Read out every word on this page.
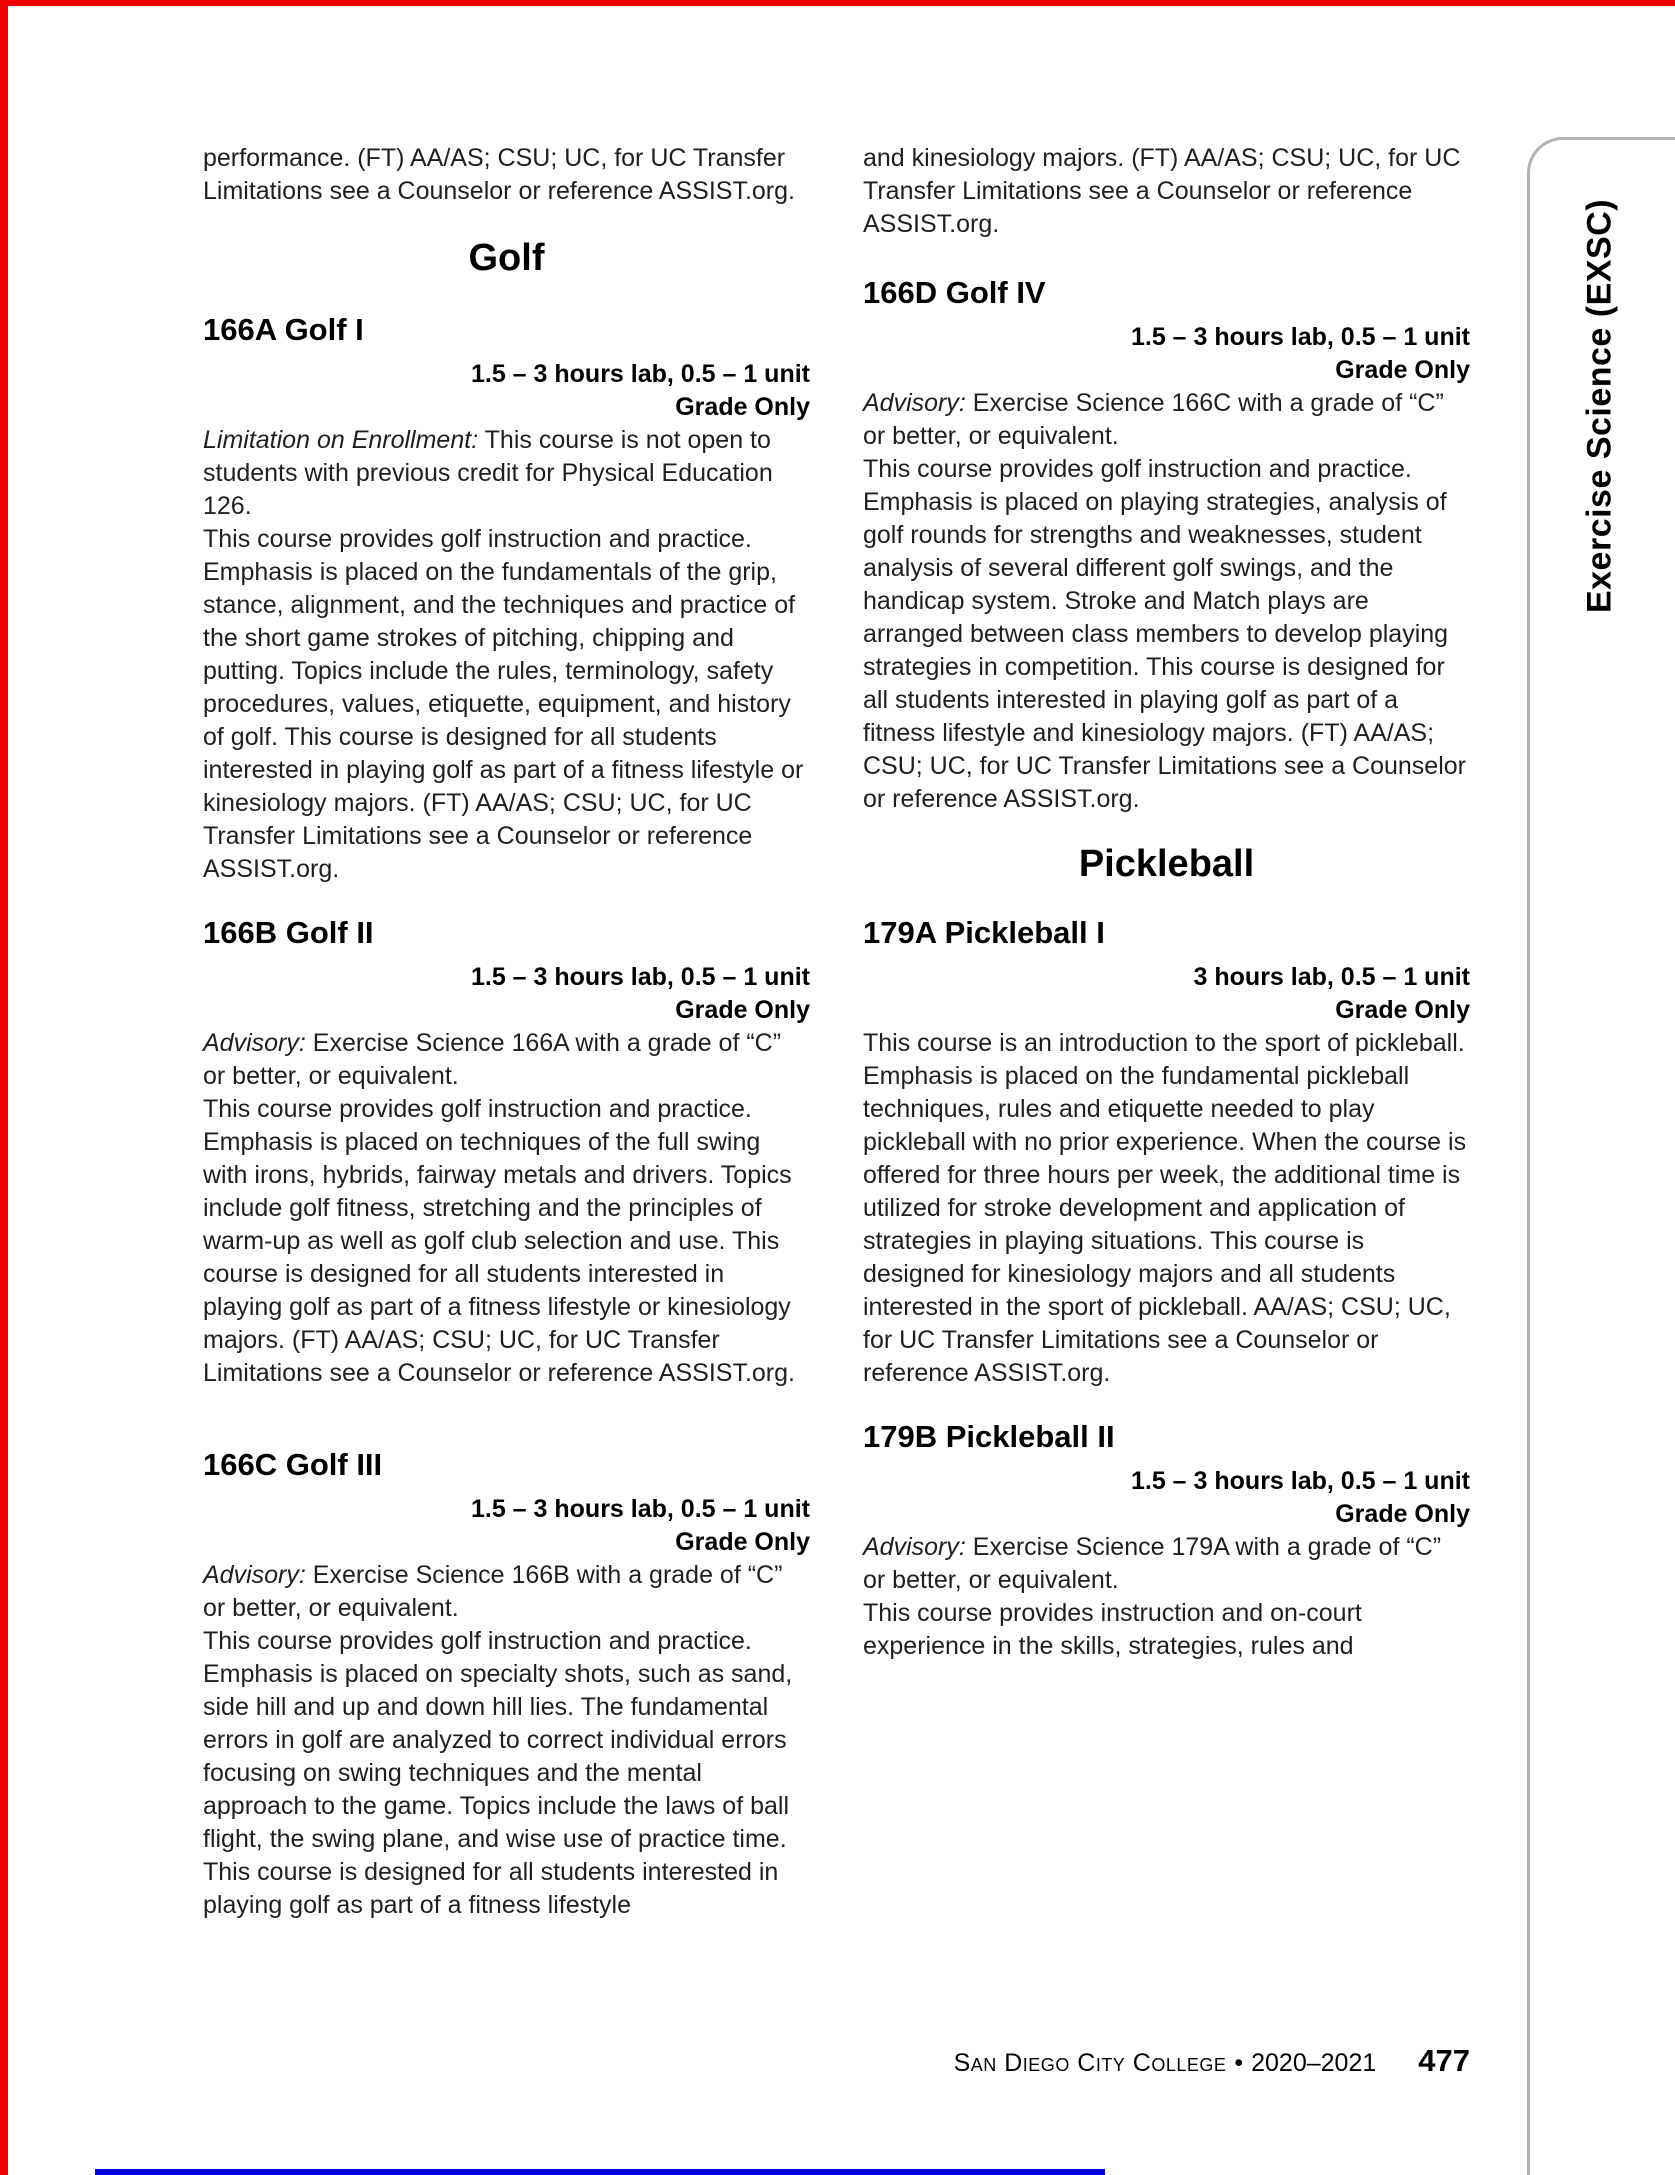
Exercise Science (EXSC)
performance. (FT) AA/AS; CSU; UC, for UC Transfer Limitations see a Counselor or reference ASSIST.org.
Golf
166A Golf I
1.5 – 3 hours lab, 0.5 – 1 unit
Grade Only

Limitation on Enrollment: This course is not open to students with previous credit for Physical Education 126.

This course provides golf instruction and practice. Emphasis is placed on the fundamentals of the grip, stance, alignment, and the techniques and practice of the short game strokes of pitching, chipping and putting. Topics include the rules, terminology, safety procedures, values, etiquette, equipment, and history of golf. This course is designed for all students interested in playing golf as part of a fitness lifestyle or kinesiology majors. (FT) AA/AS; CSU; UC, for UC Transfer Limitations see a Counselor or reference ASSIST.org.

166B Golf II
1.5 – 3 hours lab, 0.5 – 1 unit
Grade Only

Advisory: Exercise Science 166A with a grade of “C” or better, or equivalent.

This course provides golf instruction and practice. Emphasis is placed on techniques of the full swing with irons, hybrids, fairway metals and drivers. Topics include golf fitness, stretching and the principles of warm-up as well as golf club selection and use. This course is designed for all students interested in playing golf as part of a fitness lifestyle or kinesiology majors. (FT) AA/AS; CSU; UC, for UC Transfer Limitations see a Counselor or reference ASSIST.org.

166C Golf III
1.5 – 3 hours lab, 0.5 – 1 unit
Grade Only

Advisory: Exercise Science 166B with a grade of “C” or better, or equivalent.

This course provides golf instruction and practice. Emphasis is placed on specialty shots, such as sand, side hill and up and down hill lies. The fundamental errors in golf are analyzed to correct individual errors focusing on swing techniques and the mental approach to the game. Topics include the laws of ball flight, the swing plane, and wise use of practice time. This course is designed for all students interested in playing golf as part of a fitness lifestyle

and kinesiology majors. (FT) AA/AS; CSU; UC, for UC Transfer Limitations see a Counselor or reference ASSIST.org.
166D Golf IV
1.5 – 3 hours lab, 0.5 – 1 unit
Grade Only

Advisory: Exercise Science 166C with a grade of “C” or better, or equivalent.

This course provides golf instruction and practice. Emphasis is placed on playing strategies, analysis of golf rounds for strengths and weaknesses, student analysis of several different golf swings, and the handicap system. Stroke and Match plays are arranged between class members to develop playing strategies in competition. This course is designed for all students interested in playing golf as part of a fitness lifestyle and kinesiology majors. (FT) AA/AS; CSU; UC, for UC Transfer Limitations see a Counselor or reference ASSIST.org.

Pickleball
179A Pickleball I
3 hours lab, 0.5 – 1 unit
Grade Only

This course is an introduction to the sport of pickleball. Emphasis is placed on the fundamental pickleball techniques, rules and etiquette needed to play pickleball with no prior experience. When the course is offered for three hours per week, the additional time is utilized for stroke development and application of strategies in playing situations. This course is designed for kinesiology majors and all students interested in the sport of pickleball. AA/AS; CSU; UC, for UC Transfer Limitations see a Counselor or reference ASSIST.org.

179B Pickleball II
1.5 – 3 hours lab, 0.5 – 1 unit
Grade Only

Advisory: Exercise Science 179A with a grade of “C” or better, or equivalent.

This course provides instruction and on-court experience in the skills, strategies, rules and

San Diego City College • 2020–2021 477
